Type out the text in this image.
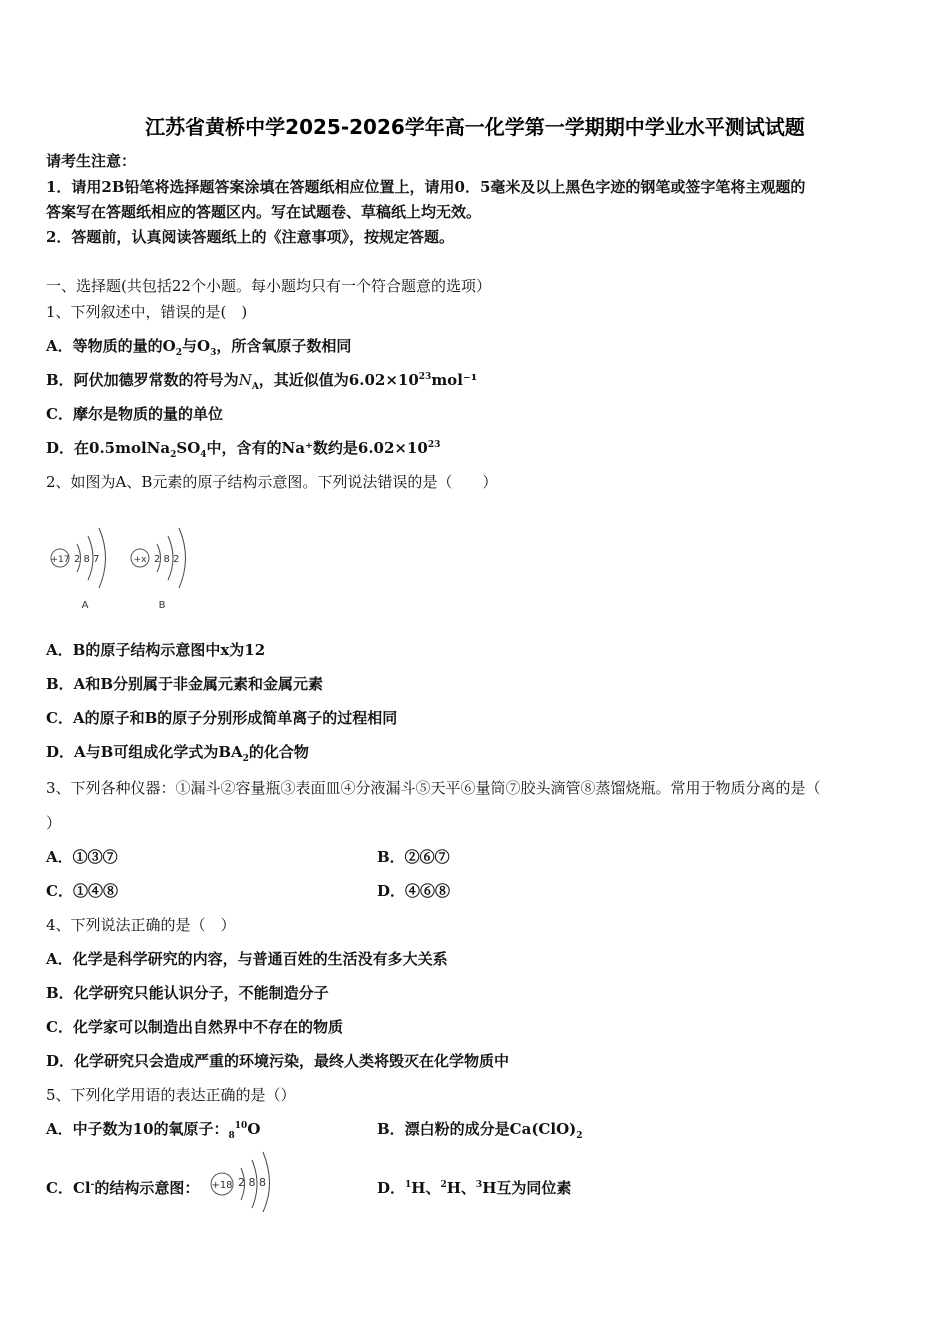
江苏省黄桥中学2025-2026学年高一化学第一学期期中学业水平测试试题
请考生注意：
1．请用2B铅笔将选择题答案涂填在答题纸相应位置上，请用0．5毫米及以上黑色字迹的钢笔或签字笔将主观题的
答案写在答题纸相应的答题区内。写在试题卷、草稿纸上均无效。
2．答题前，认真阅读答题纸上的《注意事项》，按规定答题。
一、选择题(共包括22个小题。每小题均只有一个符合题意的选项）
1、下列叙述中，错误的是(　)
A．等物质的量的$O_2$与$O_3$，所含氧原子数相同
B．阿伏加德罗常数的符号为$N_A$，其近似值为$6.02\times 10^{23}mol^{-1}$
C．摩尔是物质的量的单位
D．在$0.5molNa_2SO_4$中，含有的Na⁺数约是$6.02\times 10^{23}$
2、如图为A、B元素的原子结构示意图。下列说法错误的是（　　）
+17 2 8 7
A
+x 2 8 2
B
A．B的原子结构示意图中x为12
B．A和B分别属于非金属元素和金属元素
C．A的原子和B的原子分别形成简单离子的过程相同
D．A与B可组成化学式为$BA_2$的化合物
3、下列各种仪器：①漏斗②容量瓶③表面皿④分液漏斗⑤天平⑥量筒⑦胶头滴管⑧蒸馏烧瓶。常用于物质分离的是（
）
A．①③⑦	B．②⑥⑦
C．①④⑧	D．④⑥⑧
4、下列说法正确的是（　）
A．化学是科学研究的内容，与普通百姓的生活没有多大关系
B．化学研究只能认识分子，不能制造分子
C．化学家可以制造出自然界中不存在的物质
D．化学研究只会造成严重的环境污染，最终人类将毁灭在化学物质中
5、下列化学用语的表达正确的是（）
A．中子数为10的氧原子：$_8^{10}$O	B．漂白粉的成分是$Ca(ClO)_2$
C．Cl-的结构示意图： +18 2 8 8	D．$^1$H、$^2$H、$^3$H互为同位素
